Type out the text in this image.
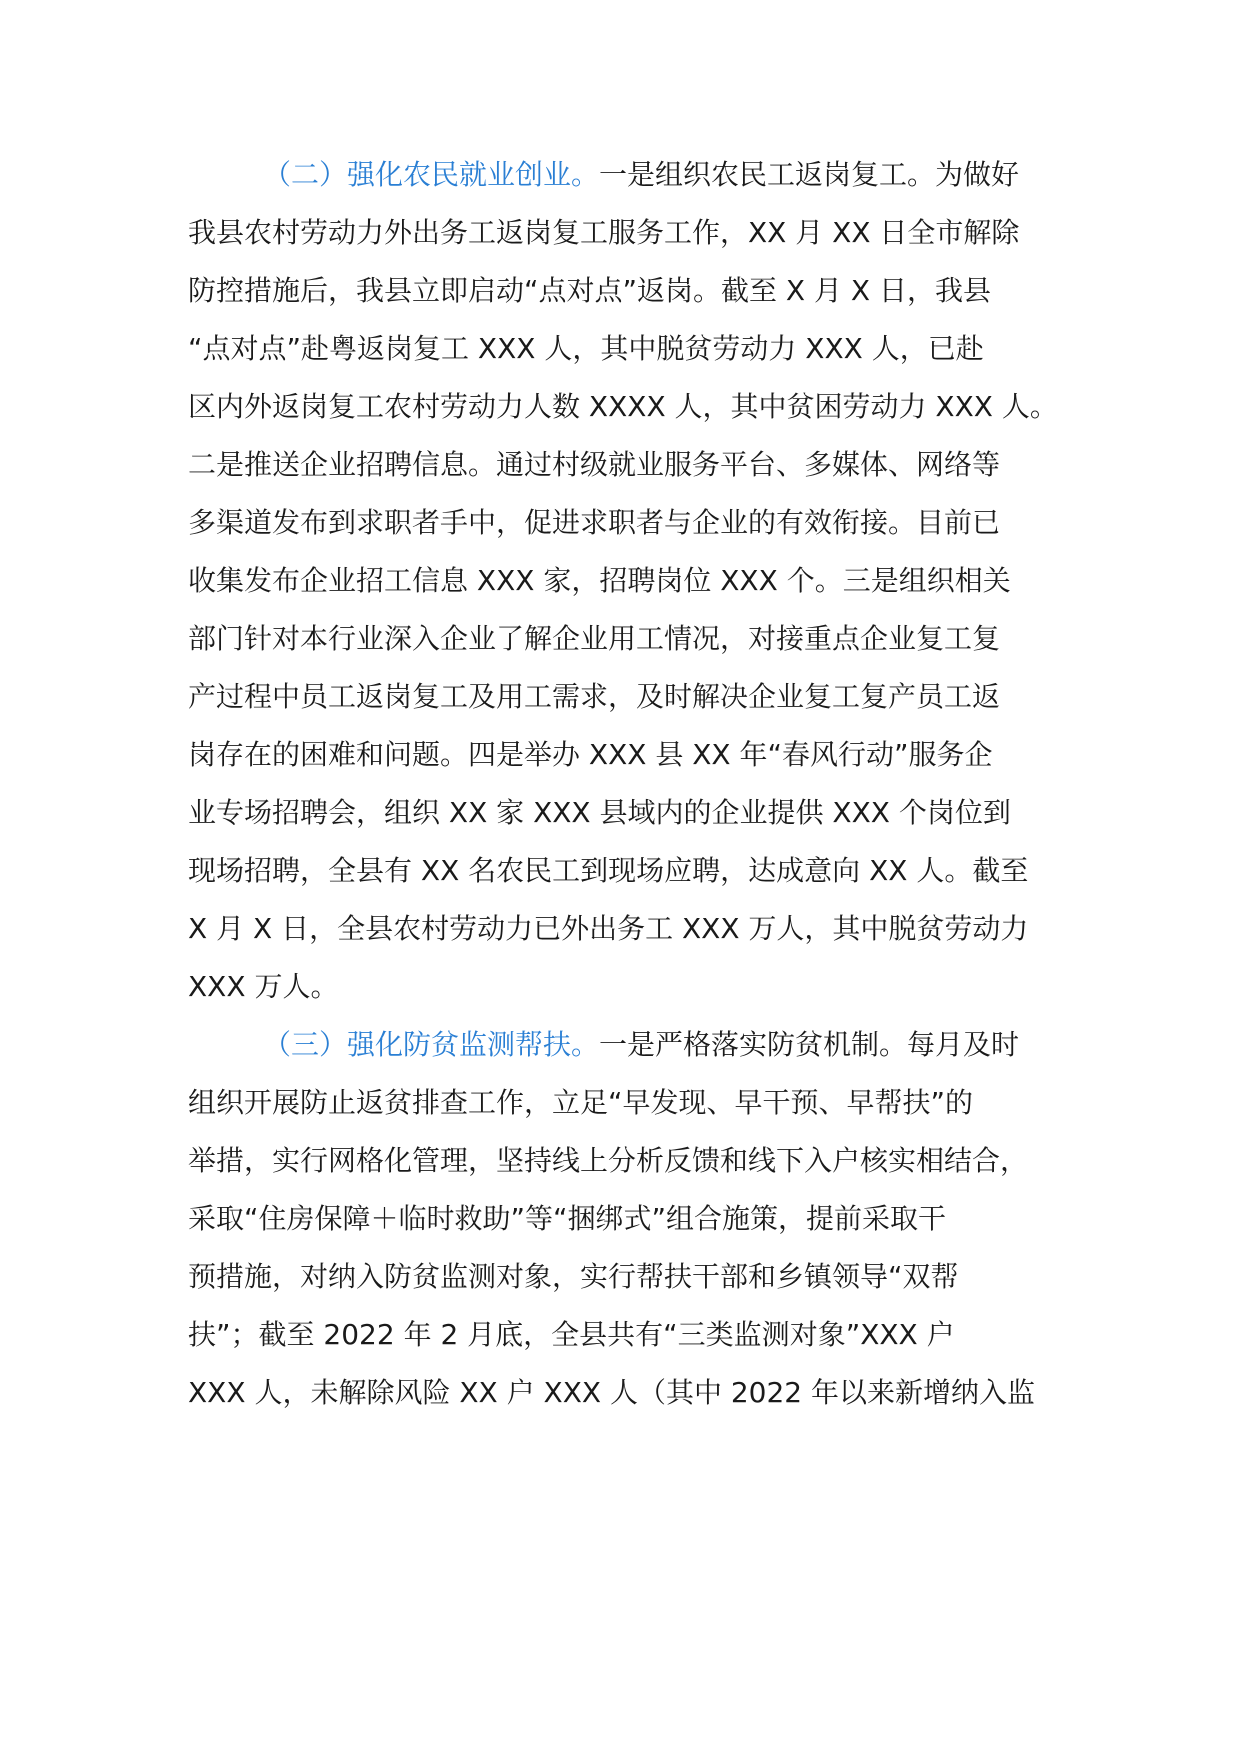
（二）强化农民就业创业。一是组织农民工返岗复工。为做好
我县农村劳动力外出务工返岗复工服务工作，XX 月 XX 日全市解除
防控措施后，我县立即启动“点对点”返岗。截至 X 月 X 日，我县
“点对点”赴粤返岗复工 XXX 人，其中脱贫劳动力 XXX 人，已赴
区内外返岗复工农村劳动力人数 XXXX 人，其中贫困劳动力 XXX 人。
二是推送企业招聘信息。通过村级就业服务平台、多媒体、网络等
多渠道发布到求职者手中，促进求职者与企业的有效衔接。目前已
收集发布企业招工信息 XXX 家，招聘岗位 XXX 个。三是组织相关
部门针对本行业深入企业了解企业用工情况，对接重点企业复工复
产过程中员工返岗复工及用工需求，及时解决企业复工复产员工返
岗存在的困难和问题。四是举办 XXX 县 XX 年“春风行动”服务企
业专场招聘会，组织 XX 家 XXX 县域内的企业提供 XXX 个岗位到
现场招聘，全县有 XX 名农民工到现场应聘，达成意向 XX 人。截至
X 月 X 日，全县农村劳动力已外出务工 XXX 万人，其中脱贫劳动力
XXX 万人。
（三）强化防贫监测帮扶。一是严格落实防贫机制。每月及时
组织开展防止返贫排查工作，立足“早发现、早干预、早帮扶”的
举措，实行网格化管理，坚持线上分析反馈和线下入户核实相结合，
采取“住房保障＋临时救助”等“捆绑式”组合施策，提前采取干
预措施，对纳入防贫监测对象，实行帮扶干部和乡镇领导“双帮
扶”；截至 2022 年 2 月底，全县共有“三类监测对象”XXX 户
XXX 人，未解除风险 XX 户 XXX 人（其中 2022 年以来新增纳入监
